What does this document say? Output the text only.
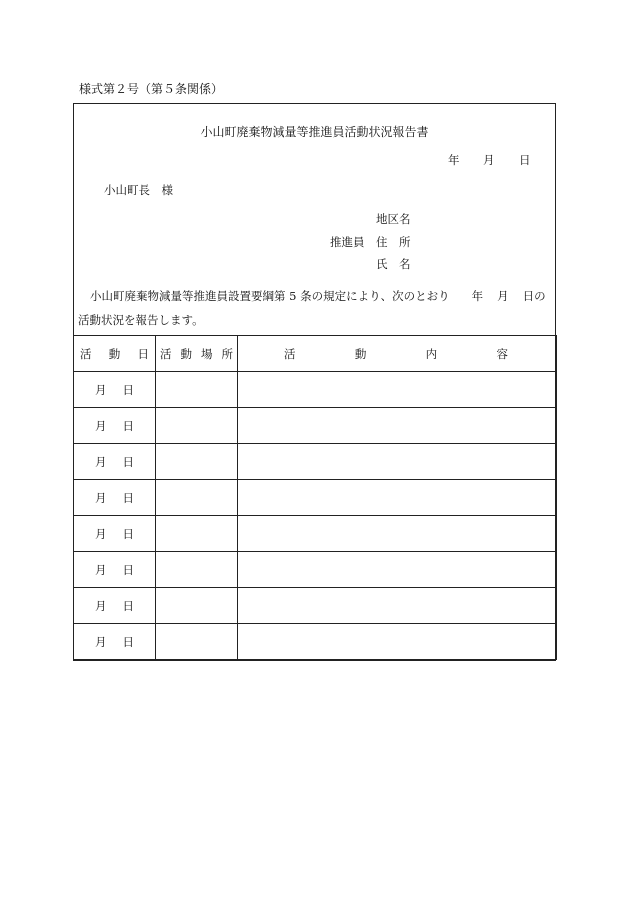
様式第２号（第５条関係）
小山町廃棄物減量等推進員活動状況報告書
年 月 日
小山町長　様
地区名
推進員 住　所
氏　名
小山町廃棄物減量等推進員設置要綱第 5 条の規定により、次のとおり 年 月 日の
活動状況を報告します。
活 動 日	活 動 場 所	活 動 内 容

月 日		
月 日		
月 日		
月 日		
月 日		
月 日		
月 日		
月 日		
